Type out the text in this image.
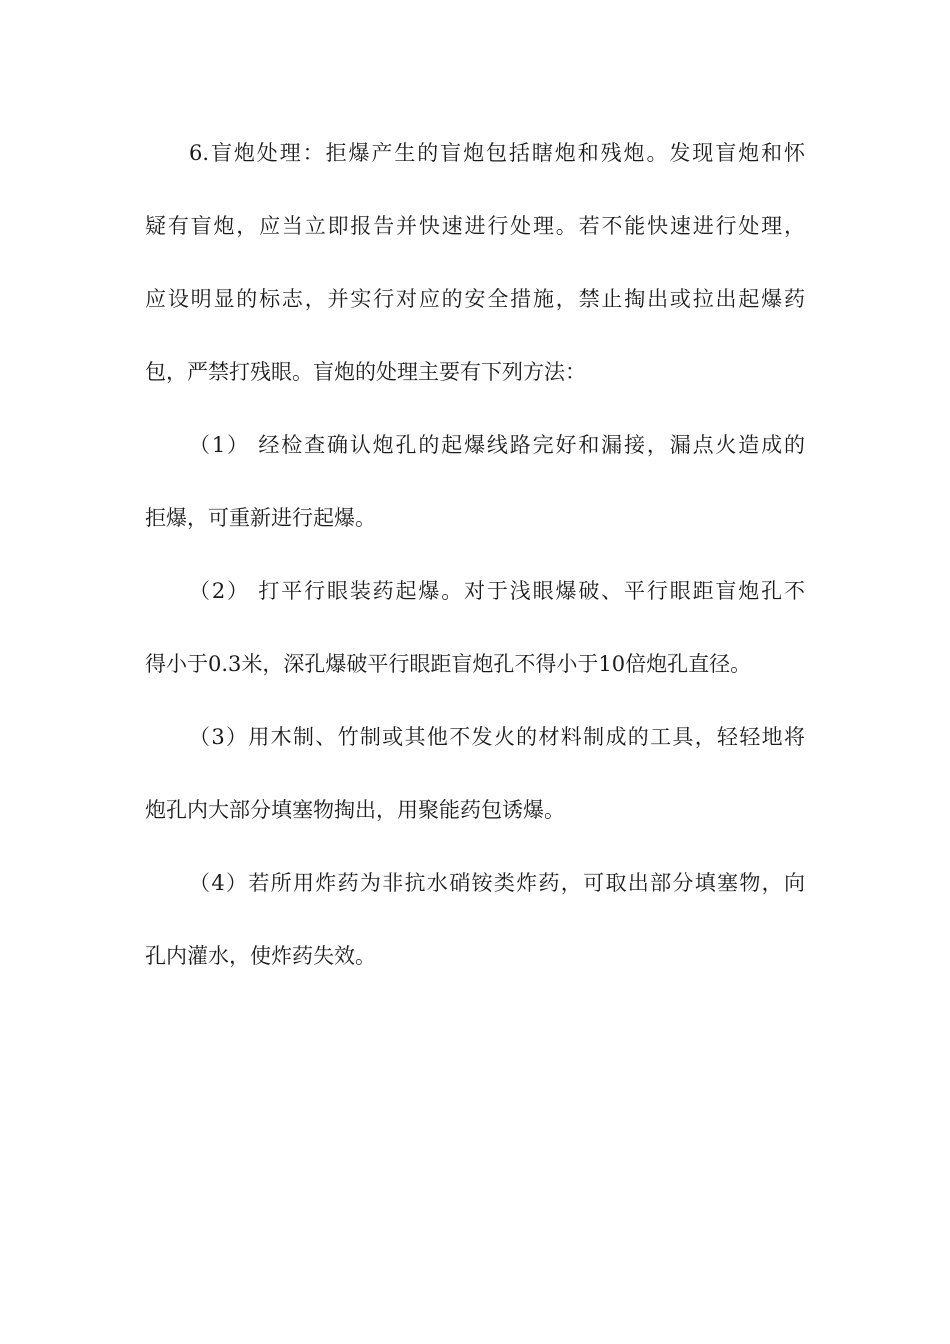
6.盲炮处理：拒爆产生的盲炮包括瞎炮和残炮。发现盲炮和怀
疑有盲炮，应当立即报告并快速进行处理。若不能快速进行处理，
应设明显的标志，并实行对应的安全措施，禁止掏出或拉出起爆药
包，严禁打残眼。盲炮的处理主要有下列方法：
（1） 经检查确认炮孔的起爆线路完好和漏接，漏点火造成的
拒爆，可重新进行起爆。
（2） 打平行眼装药起爆。对于浅眼爆破、平行眼距盲炮孔不
得小于0.3米，深孔爆破平行眼距盲炮孔不得小于10倍炮孔直径。
（3）用木制、竹制或其他不发火的材料制成的工具，轻轻地将
炮孔内大部分填塞物掏出，用聚能药包诱爆。
（4）若所用炸药为非抗水硝铵类炸药，可取出部分填塞物，向
孔内灌水，使炸药失效。
